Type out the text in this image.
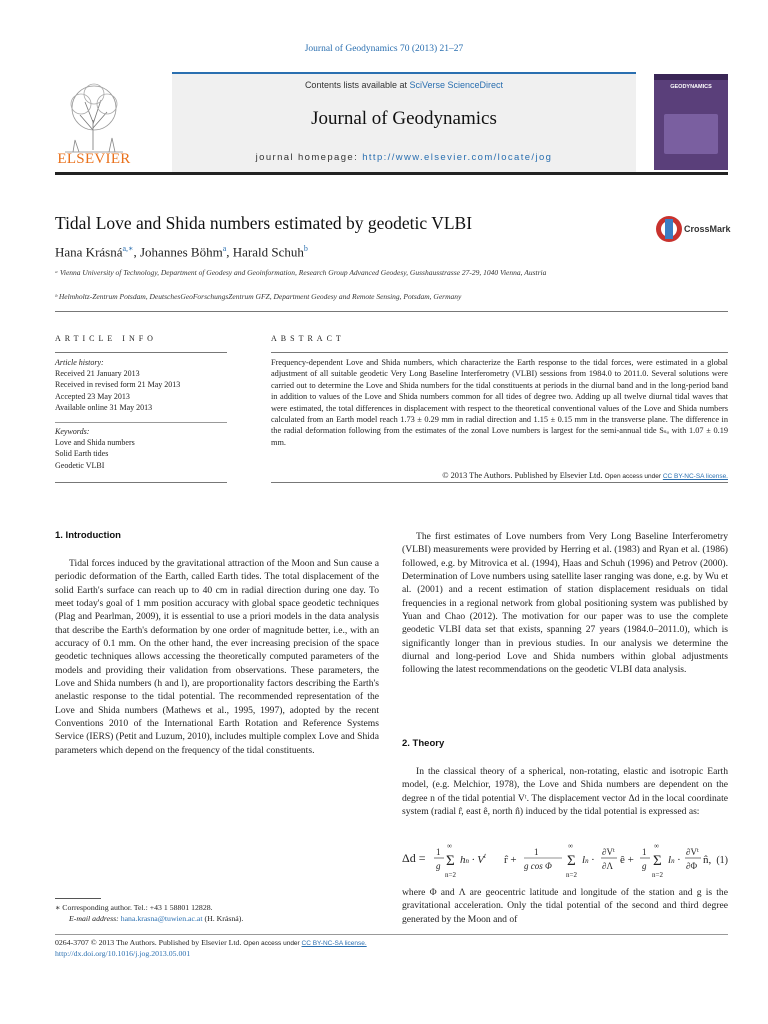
Journal of Geodynamics 70 (2013) 21–27
ELSEVIER
Contents lists available at SciVerse ScienceDirect
Journal of Geodynamics
journal homepage: http://www.elsevier.com/locate/jog
GEODYNAMICS
Tidal Love and Shida numbers estimated by geodetic VLBI	CrossMark
Hana Krásná$^{a,∗}$, Johannes Böhm$^a$, Harald Schuh$^b$
ᵃ Vienna University of Technology, Department of Geodesy and Geoinformation, Research Group Advanced Geodesy, Gusshausstrasse 27-29, 1040 Vienna, Austria
ᵇ Helmholtz-Zentrum Potsdam, DeutschesGeoForschungsZentrum GFZ, Department Geodesy and Remote Sensing, Potsdam, Germany
ARTICLE INFO	ABSTRACT
Article history:
Received 21 January 2013
Received in revised form 21 May 2013
Accepted 23 May 2013
Available online 31 May 2013
Keywords:
Love and Shida numbers
Solid Earth tides
Geodetic VLBI
Frequency-dependent Love and Shida numbers, which characterize the Earth response to the tidal forces, were estimated in a global adjustment of all suitable geodetic Very Long Baseline Interferometry (VLBI) sessions from 1984.0 to 2011.0. Several solutions were carried out to determine the Love and Shida numbers for the tidal constituents at periods in the diurnal band and in the long-period band in addition to values of the Love and Shida numbers common for all tides of degree two. Adding up all twelve diurnal tidal waves that were estimated, the total differences in displacement with respect to the theoretical conventional values of the Love and Shida numbers calculated from an Earth model reach 1.73 ± 0.29 mm in radial direction and 1.15 ± 0.15 mm in the transverse plane. The difference in the radial deformation following from the estimates of the zonal Love numbers is largest for the semi-annual tide Sₛₐ with 1.07 ± 0.19 mm.
© 2013 The Authors. Published by Elsevier Ltd. Open access under CC BY-NC-SA license.
1. Introduction
Tidal forces induced by the gravitational attraction of the Moon and Sun cause a periodic deformation of the Earth, called Earth tides. The total displacement of the solid Earth's surface can reach up to 40 cm in radial direction during one day. To meet today's goal of 1 mm position accuracy with global space geodetic techniques (Plag and Pearlman, 2009), it is essential to use a priori models in the data analysis that describe the Earth's deformation by one order of magnitude better, i.e., with an accuracy of 0.1 mm. On the other hand, the ever increasing precision of the space geodetic techniques allows accessing the theoretically computed parameters of the models and providing their validation from observations. These parameters, the Love and Shida numbers (h and l), are proportionality factors describing the Earth's anelastic response to the tidal potential. The recommended representation of the Love and Shida numbers (Mathews et al., 1995, 1997), adopted by the recent Conventions 2010 of the International Earth Rotation and Reference Systems Service (IERS) (Petit and Luzum, 2010), includes multiple complex Love and Shida parameters which depend on the frequency of the tidal constituents.
The first estimates of Love numbers from Very Long Baseline Interferometry (VLBI) measurements were provided by Herring et al. (1983) and Ryan et al. (1986) followed, e.g. by Mitrovica et al. (1994), Haas and Schuh (1996) and Petrov (2000). Determination of Love numbers using satellite laser ranging was done, e.g. by Wu et al. (2001) and a recent estimation of station displacement residuals on tidal frequencies in a regional network from global positioning system was published by Yuan and Chao (2012). The motivation for our paper was to use the complete geodetic VLBI data set that exists, spanning 27 years (1984.0–2011.0), which is significantly longer than in previous studies. In our analysis we determine the diurnal and long-period Love and Shida numbers within global adjustments following the latest recommendations on the geodetic VLBI data analysis.
2. Theory
In the classical theory of a spherical, non-rotating, elastic and isotropic Earth model, (e.g. Melchior, 1978), the Love and Shida numbers are dependent on the degree n of the tidal potential Vᵗ. The displacement vector Δd in the local coordinate system (radial r̂, east ê, north n̂) induced by the tidal potential is expressed as:
Δd = 1
g
∞
Σ
n=2
hn · $V^t$ r̂ +
1
g cos Φ
∞
Σ
n=2
ln ·
$\partial V^t$
∂Λ ê +
1
g
∞
Σ
n=2
ln ·
$\partial V^t$
∂Φ n̂, (1)
where Φ and Λ are geocentric latitude and longitude of the station and g is the gravitational acceleration. Only the tidal potential of the second and third degree generated by the Moon and of
∗ Corresponding author. Tel.: +43 1 58801 12828.
E-mail address: hana.krasna@tuwien.ac.at (H. Krásná).
0264-3707 © 2013 The Authors. Published by Elsevier Ltd. Open access under CC BY-NC-SA license.
http://dx.doi.org/10.1016/j.jog.2013.05.001
